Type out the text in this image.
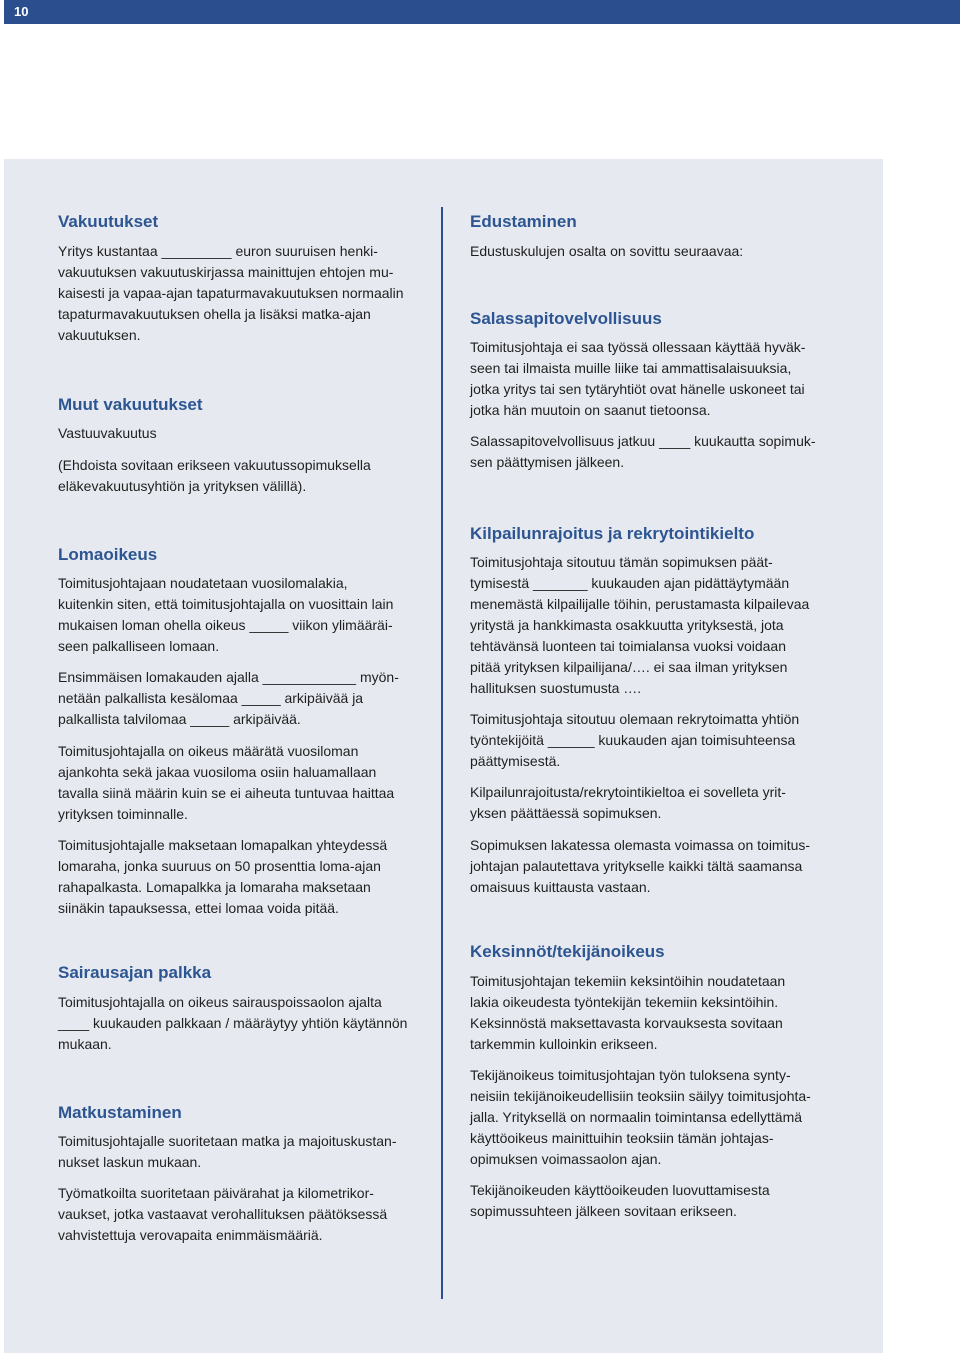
10
Vakuutukset

Yritys kustantaa _________ euron suuruisen henki-
vakuutuksen vakuutuskirjassa mainittujen ehtojen mu-
kaisesti ja vapaa-ajan tapaturmavakuutuksen normaalin
tapaturmavakuutuksen ohella ja lisäksi matka-ajan
vakuutuksen.

Muut vakuutukset

Vastuuvakuutus

(Ehdoista sovitaan erikseen vakuutussopimuksella
eläkevakuutusyhtiön ja yrityksen välillä).

Lomaoikeus

Toimitusjohtajaan noudatetaan vuosilomalakia,
kuitenkin siten, että toimitusjohtajalla on vuosittain lain
mukaisen loman ohella oikeus _____ viikon ylimääräi-
seen palkalliseen lomaan.

Ensimmäisen lomakauden ajalla ____________ myön-
netään palkallista kesälomaa _____ arkipäivää ja
palkallista talvilomaa _____ arkipäivää.

Toimitusjohtajalla on oikeus määrätä vuosiloman
ajankohta sekä jakaa vuosiloma osiin haluamallaan
tavalla siinä määrin kuin se ei aiheuta tuntuvaa haittaa
yrityksen toiminnalle.

Toimitusjohtajalle maksetaan lomapalkan yhteydessä
lomaraha, jonka suuruus on 50 prosenttia loma-ajan
rahapalkasta. Lomapalkka ja lomaraha maksetaan
siinäkin tapauksessa, ettei lomaa voida pitää.

Sairausajan palkka

Toimitusjohtajalla on oikeus sairauspoissaolon ajalta
____ kuukauden palkkaan / määräytyy yhtiön käytännön
mukaan.

Matkustaminen

Toimitusjohtajalle suoritetaan matka ja majoituskustan-
nukset laskun mukaan.

Työmatkoilta suoritetaan päivärahat ja kilometrikor-
vaukset, jotka vastaavat verohallituksen päätöksessä
vahvistettuja verovapaita enimmäismääriä.

Edustaminen

Edustuskulujen osalta on sovittu seuraavaa:

Salassapitovelvollisuus

Toimitusjohtaja ei saa työssä ollessaan käyttää hyväk-
seen tai ilmaista muille liike tai ammattisalaisuuksia,
jotka yritys tai sen tytäryhtiöt ovat hänelle uskoneet tai
jotka hän muutoin on saanut tietoonsa.

Salassapitovelvollisuus jatkuu ____ kuukautta sopimuk-
sen päättymisen jälkeen.

Kilpailunrajoitus ja rekrytointikielto

Toimitusjohtaja sitoutuu tämän sopimuksen päät-
tymisestä _______ kuukauden ajan pidättäytymään
menemästä kilpailijalle töihin, perustamasta kilpailevaa
yritystä ja hankkimasta osakkuutta yrityksestä, jota
tehtävänsä luonteen tai toimialansa vuoksi voidaan
pitää yrityksen kilpailijana/…. ei saa ilman yrityksen
hallituksen suostumusta ….

Toimitusjohtaja sitoutuu olemaan rekrytoimatta yhtiön
työntekijöitä ______ kuukauden ajan toimisuhteensa
päättymisestä.

Kilpailunrajoitusta/rekrytointikieltoa ei sovelleta yrit-
yksen päättäessä sopimuksen.

Sopimuksen lakatessa olemasta voimassa on toimitus-
johtajan palautettava yritykselle kaikki tältä saamansa
omaisuus kuittausta vastaan.

Keksinnöt/tekijänoikeus

Toimitusjohtajan tekemiin keksintöihin noudatetaan
lakia oikeudesta työntekijän tekemiin keksintöihin.
Keksinnöstä maksettavasta korvauksesta sovitaan
tarkemmin kulloinkin erikseen.

Tekijänoikeus toimitusjohtajan työn tuloksena synty-
neisiin tekijänoikeudellisiin teoksiin säilyy toimitusjohta-
jalla. Yrityksellä on normaalin toimintansa edellyttämä
käyttöoikeus mainittuihin teoksiin tämän johtajas-
opimuksen voimassaolon ajan.

Tekijänoikeuden käyttöoikeuden luovuttamisesta
sopimussuhteen jälkeen sovitaan erikseen.
